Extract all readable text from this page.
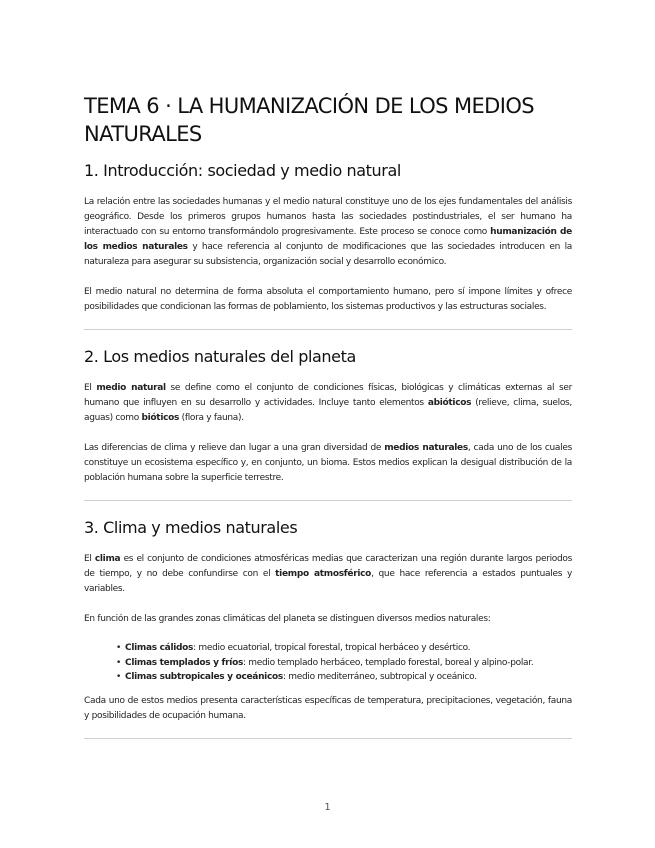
TEMA 6 · LA HUMANIZACIÓN DE LOS MEDIOS NATURALES
1. Introducción: sociedad y medio natural

La relación entre las sociedades humanas y el medio natural constituye uno de los ejes fundamentales del análisis geográfico. Desde los primeros grupos humanos hasta las sociedades postindustriales, el ser humano ha interactuado con su entorno transformándolo progresivamente. Este proceso se conoce como humanización de los medios naturales y hace referencia al conjunto de modificaciones que las sociedades introducen en la naturaleza para asegurar su subsistencia, organización social y desarrollo económico.

El medio natural no determina de forma absoluta el comportamiento humano, pero sí impone límites y ofrece posibilidades que condicionan las formas de poblamiento, los sistemas productivos y las estructuras sociales.

2. Los medios naturales del planeta

El medio natural se define como el conjunto de condiciones físicas, biológicas y climáticas externas al ser humano que influyen en su desarrollo y actividades. Incluye tanto elementos abióticos (relieve, clima, suelos, aguas) como bióticos (flora y fauna).

Las diferencias de clima y relieve dan lugar a una gran diversidad de medios naturales, cada uno de los cuales constituye un ecosistema específico y, en conjunto, un bioma. Estos medios explican la desigual distribución de la población humana sobre la superficie terrestre.

3. Clima y medios naturales

El clima es el conjunto de condiciones atmosféricas medias que caracterizan una región durante largos periodos de tiempo, y no debe confundirse con el tiempo atmosférico, que hace referencia a estados puntuales y variables.

En función de las grandes zonas climáticas del planeta se distinguen diversos medios naturales:

• Climas cálidos: medio ecuatorial, tropical forestal, tropical herbáceo y desértico.
• Climas templados y fríos: medio templado herbáceo, templado forestal, boreal y alpino-polar.
• Climas subtropicales y oceánicos: medio mediterráneo, subtropical y oceánico.

Cada uno de estos medios presenta características específicas de temperatura, precipitaciones, vegetación, fauna y posibilidades de ocupación humana.

1
